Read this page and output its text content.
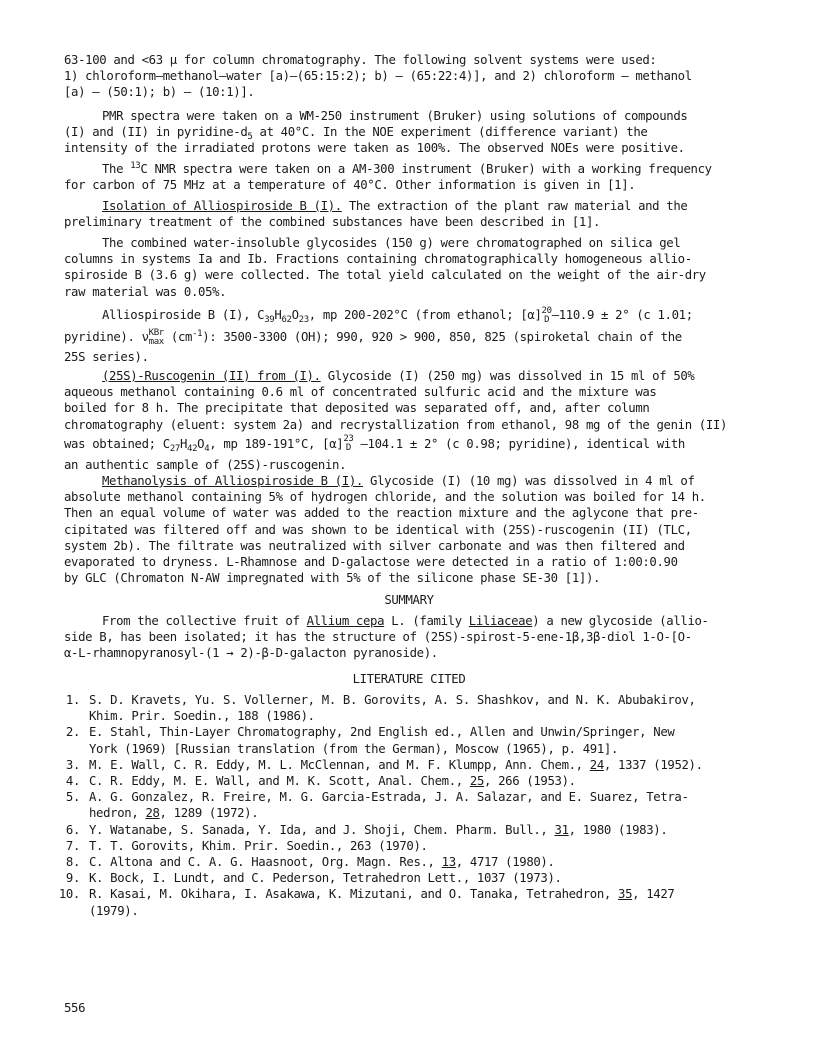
63-100 and <63 μ for column chromatography. The following solvent systems were used:
1) chloroform—methanol—water [a)—(65:15:2); b) — (65:22:4)], and 2) chloroform — methanol
[a) — (50:1); b) — (10:1)].
PMR spectra were taken on a WM-250 instrument (Bruker) using solutions of compounds
(I) and (II) in pyridine-$d_5$ at 40°C. In the NOE experiment (difference variant) the
intensity of the irradiated protons were taken as 100%. The observed NOEs were positive.
The $^{13}$C NMR spectra were taken on a AM-300 instrument (Bruker) with a working frequency
for carbon of 75 MHz at a temperature of 40°C. Other information is given in [1].
Isolation of Alliospiroside B (I). The extraction of the plant raw material and the
preliminary treatment of the combined substances have been described in [1].
The combined water-insoluble glycosides (150 g) were chromatographed on silica gel
columns in systems Ia and Ib. Fractions containing chromatographically homogeneous allio-
spiroside B (3.6 g) were collected. The total yield calculated on the weight of the air-dry
raw material was 0.05%.
Alliospiroside B (I), $C_{39}H_{62}O_{23}$, mp 200-202°C (from ethanol; [α] 20
D —110.9 ± 2° (c 1.01;
pyridine). ν KBr
$\max (cm^{-1})$: 3500-3300 (OH); 990, 920 > 900, 850, 825 (spiroketal chain of the
25S series).
(25S)-Ruscogenin (II) from (I). Glycoside (I) (250 mg) was dissolved in 15 ml of 50%
aqueous methanol containing 0.6 ml of concentrated sulfuric acid and the mixture was
boiled for 8 h. The precipitate that deposited was separated off, and, after column
chromatography (eluent: system 2a) and recrystallization from ethanol, 98 mg of the genin (II)
was obtained; $C_{27}H_{42}O_4$, mp 189-191°C, [α] 23
D —104.1 ± 2° (c 0.98; pyridine), identical with
an authentic sample of (25S)-ruscogenin.
Methanolysis of Alliospiroside B (I). Glycoside (I) (10 mg) was dissolved in 4 ml of
absolute methanol containing 5% of hydrogen chloride, and the solution was boiled for 14 h.
Then an equal volume of water was added to the reaction mixture and the aglycone that pre-
cipitated was filtered off and was shown to be identical with (25S)-ruscogenin (II) (TLC,
system 2b). The filtrate was neutralized with silver carbonate and was then filtered and
evaporated to dryness. L-Rhamnose and D-galactose were detected in a ratio of 1:00:0.90
by GLC (Chromaton N-AW impregnated with 5% of the silicone phase SE-30 [1]).
SUMMARY
From the collective fruit of Allium cepa L. (family Liliaceae) a new glycoside (allio-
side B, has been isolated; it has the structure of (25S)-spirost-5-ene-1β,3β-diol 1-O-[O-
α-L-rhamnopyranosyl-(1 → 2)-β-D-galacton pyranoside).
LITERATURE CITED
1. S. D. Kravets, Yu. S. Vollerner, M. B. Gorovits, A. S. Shashkov, and N. K. Abubakirov,
Khim. Prir. Soedin., 188 (1986).
2. E. Stahl, Thin-Layer Chromatography, 2nd English ed., Allen and Unwin/Springer, New
York (1969) [Russian translation (from the German), Moscow (1965), p. 491].
3. M. E. Wall, C. R. Eddy, M. L. McClennan, and M. F. Klumpp, Ann. Chem., 24, 1337 (1952).
4. C. R. Eddy, M. E. Wall, and M. K. Scott, Anal. Chem., 25, 266 (1953).
5. A. G. Gonzalez, R. Freire, M. G. Garcia-Estrada, J. A. Salazar, and E. Suarez, Tetra-
hedron, 28, 1289 (1972).
6. Y. Watanabe, S. Sanada, Y. Ida, and J. Shoji, Chem. Pharm. Bull., 31, 1980 (1983).
7. T. T. Gorovits, Khim. Prir. Soedin., 263 (1970).
8. C. Altona and C. A. G. Haasnoot, Org. Magn. Res., 13, 4717 (1980).
9. K. Bock, I. Lundt, and C. Pederson, Tetrahedron Lett., 1037 (1973).
10. R. Kasai, M. Okihara, I. Asakawa, K. Mizutani, and O. Tanaka, Tetrahedron, 35, 1427
(1979).
556
